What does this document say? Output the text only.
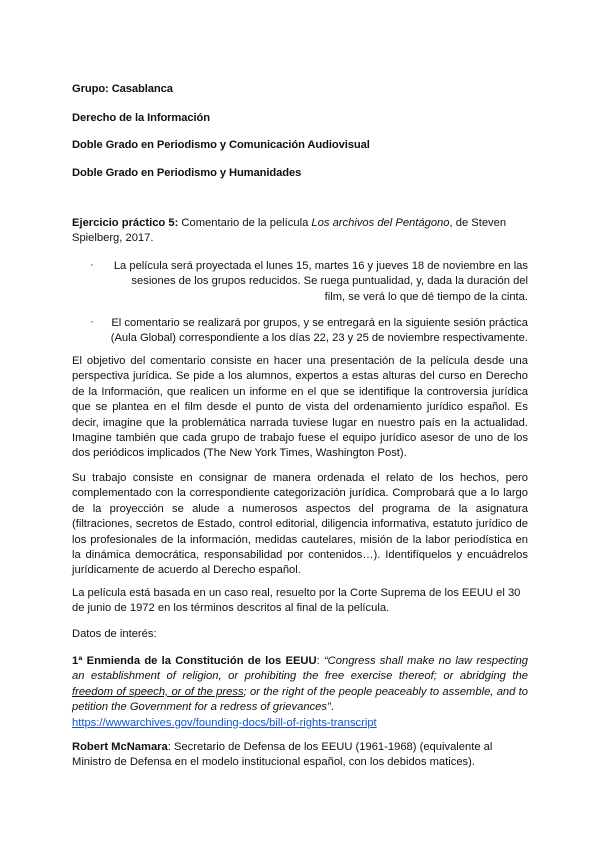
Grupo: Casablanca
Derecho de la Información
Doble Grado en Periodismo y Comunicación Audiovisual
Doble Grado en Periodismo y Humanidades
Ejercicio práctico 5: Comentario de la película Los archivos del Pentágono, de Steven Spielberg, 2017.
·	La película será proyectada el lunes 15, martes 16 y jueves 18 de noviembre en las sesiones de los grupos reducidos. Se ruega puntualidad, y, dada la duración del film, se verá lo que dé tiempo de la cinta.
·	El comentario se realizará por grupos, y se entregará en la siguiente sesión práctica (Aula Global) correspondiente a los días 22, 23 y 25 de noviembre respectivamente.
El objetivo del comentario consiste en hacer una presentación de la película desde una perspectiva jurídica. Se pide a los alumnos, expertos a estas alturas del curso en Derecho de la Información, que realicen un informe en el que se identifique la controversia jurídica que se plantea en el film desde el punto de vista del ordenamiento jurídico español. Es decir, imagine que la problemática narrada tuviese lugar en nuestro país en la actualidad. Imagine también que cada grupo de trabajo fuese el equipo jurídico asesor de uno de los dos periódicos implicados (The New York Times, Washington Post).
Su trabajo consiste en consignar de manera ordenada el relato de los hechos, pero complementado con la correspondiente categorización jurídica. Comprobará que a lo largo de la proyección se alude a numerosos aspectos del programa de la asignatura (filtraciones, secretos de Estado, control editorial, diligencia informativa, estatuto jurídico de los profesionales de la información, medidas cautelares, misión de la labor periodística en la dinámica democrática, responsabilidad por contenidos…). Identifíquelos y encuádrelos jurídicamente de acuerdo al Derecho español.
La película está basada en un caso real, resuelto por la Corte Suprema de los EEUU el 30 de junio de 1972 en los términos descritos al final de la película.
Datos de interés:
1ª Enmienda de la Constitución de los EEUU: “Congress shall make no law respecting an establishment of religion, or prohibiting the free exercise thereof; or abridging the freedom of speech, or of the press; or the right of the people peaceably to assemble, and to petition the Government for a redress of grievances”.
https://wwwarchives.gov/founding-docs/bill-of-rights-transcript
Robert McNamara: Secretario de Defensa de los EEUU (1961-1968) (equivalente al Ministro de Defensa en el modelo institucional español, con los debidos matices).
